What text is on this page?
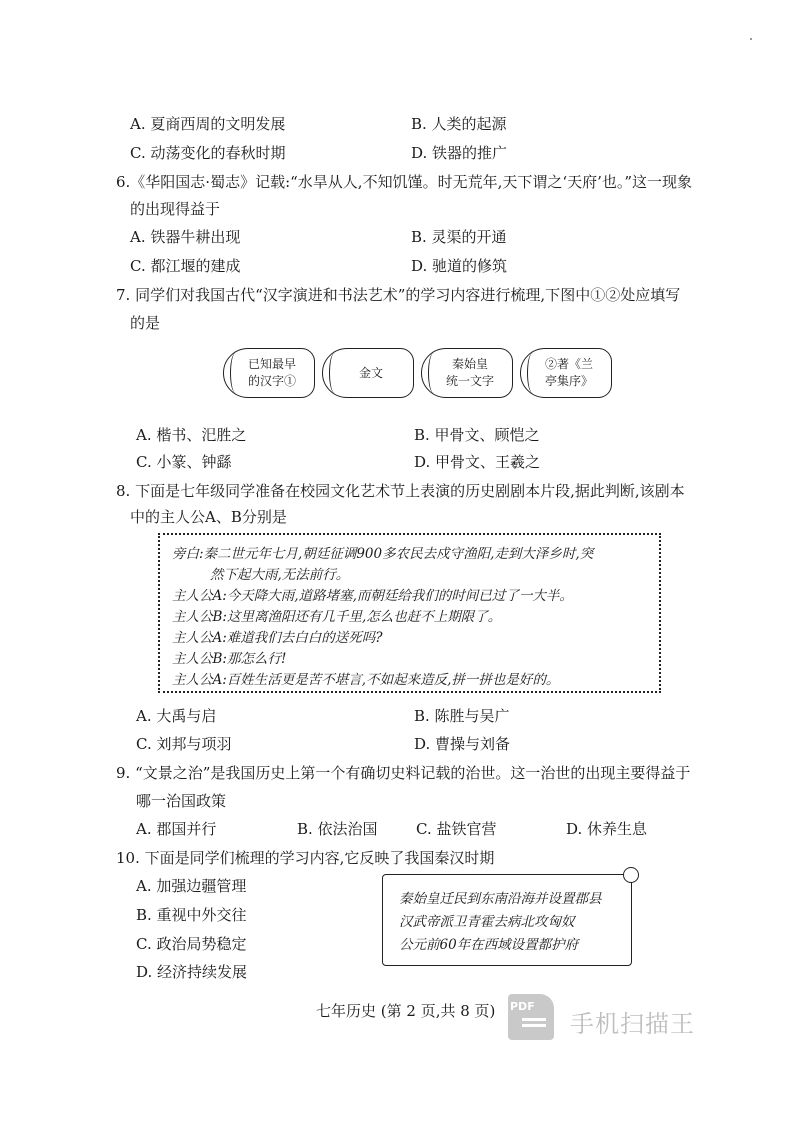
A. 夏商西周的文明发展	B. 人类的起源
C. 动荡变化的春秋时期	D. 铁器的推广
6.《华阳国志·蜀志》记载:“水旱从人,不知饥馑。时无荒年,天下谓之‘天府’也。”这一现象
的出现得益于
A. 铁器牛耕出现	B. 灵渠的开通
C. 都江堰的建成	D. 驰道的修筑
7. 同学们对我国古代“汉字演进和书法艺术”的学习内容进行梳理,下图中①②处应填写
的是
已知最早
的汉字①
金文
秦始皇
统一文字
②著《兰
亭集序》
A. 楷书、汜胜之	B. 甲骨文、顾恺之
C. 小篆、钟繇	D. 甲骨文、王羲之
8. 下面是七年级同学准备在校园文化艺术节上表演的历史剧剧本片段,据此判断,该剧本
中的主人公A、B分别是
旁白:秦二世元年七月,朝廷征调900多农民去戍守渔阳,走到大泽乡时,突
然下起大雨,无法前行。
主人公A:今天降大雨,道路堵塞,而朝廷给我们的时间已过了一大半。
主人公B:这里离渔阳还有几千里,怎么也赶不上期限了。
主人公A:难道我们去白白的送死吗?
主人公B:那怎么行!
主人公A:百姓生活更是苦不堪言,不如起来造反,拼一拼也是好的。
A. 大禹与启	B. 陈胜与吴广
C. 刘邦与项羽	D. 曹操与刘备
9. “文景之治”是我国历史上第一个有确切史料记载的治世。这一治世的出现主要得益于
哪一治国政策
A. 郡国并行	B. 依法治国	C. 盐铁官营	D. 休养生息
10. 下面是同学们梳理的学习内容,它反映了我国秦汉时期
A. 加强边疆管理
B. 重视中外交往
C. 政治局势稳定
D. 经济持续发展
秦始皇迁民到东南沿海并设置郡县
汉武帝派卫青霍去病北攻匈奴
公元前60年在西域设置都护府
七年历史 (第 2 页,共 8 页) PDF
手机扫描王
